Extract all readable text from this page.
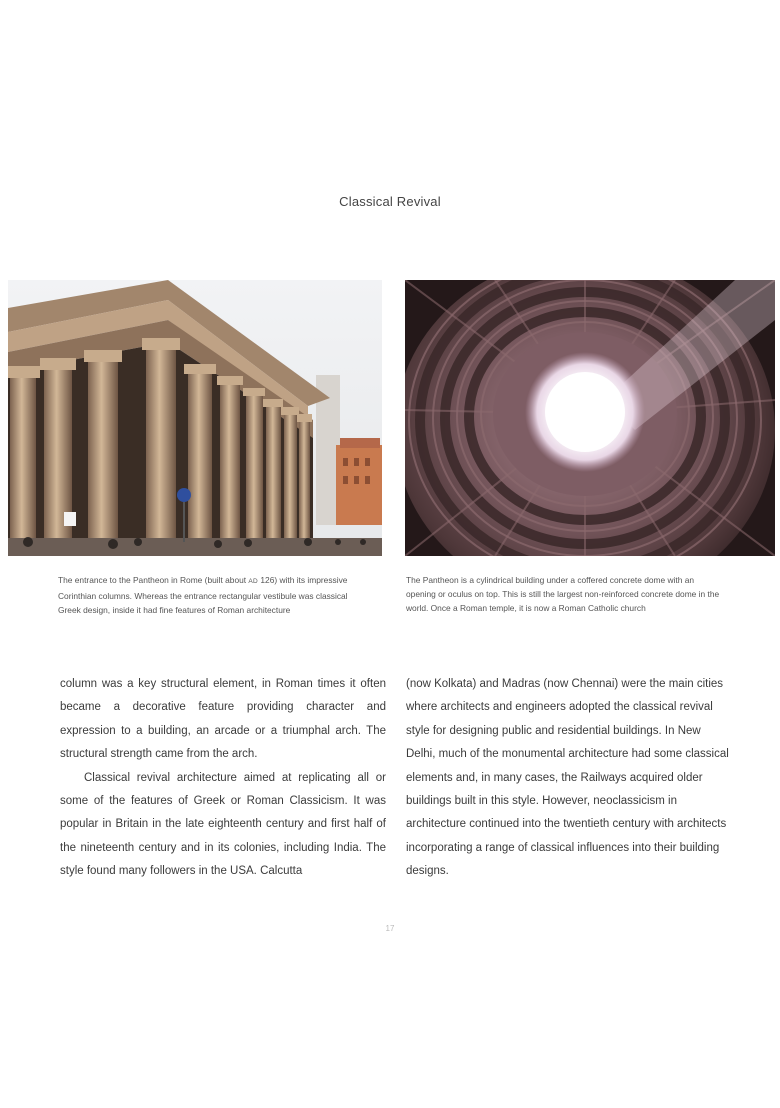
Classical Revival
The entrance to the Pantheon in Rome (built about AD 126) with its impressive Corinthian columns. Whereas the entrance rectangular vestibule was classical Greek design, inside it had fine features of Roman architecture
The Pantheon is a cylindrical building under a coffered concrete dome with an opening or oculus on top. This is still the largest non-reinforced concrete dome in the world. Once a Roman temple, it is now a Roman Catholic church

column was a key structural element, in Roman times it often became a decorative feature providing character and expression to a building, an arcade or a triumphal arch. The structural strength came from the arch.

Classical revival architecture aimed at replicating all or some of the features of Greek or Roman Classicism. It was popular in Britain in the late eighteenth century and first half of the nineteenth century and in its colonies, including India. The style found many followers in the USA. Calcutta

(now Kolkata) and Madras (now Chennai) were the main cities where architects and engineers adopted the classical revival style for designing public and residential buildings. In New Delhi, much of the monumental architecture had some classical elements and, in many cases, the Railways acquired older buildings built in this style. However, neoclassicism in architecture continued into the twentieth century with architects incorporating a range of classical influences into their building designs.

17
